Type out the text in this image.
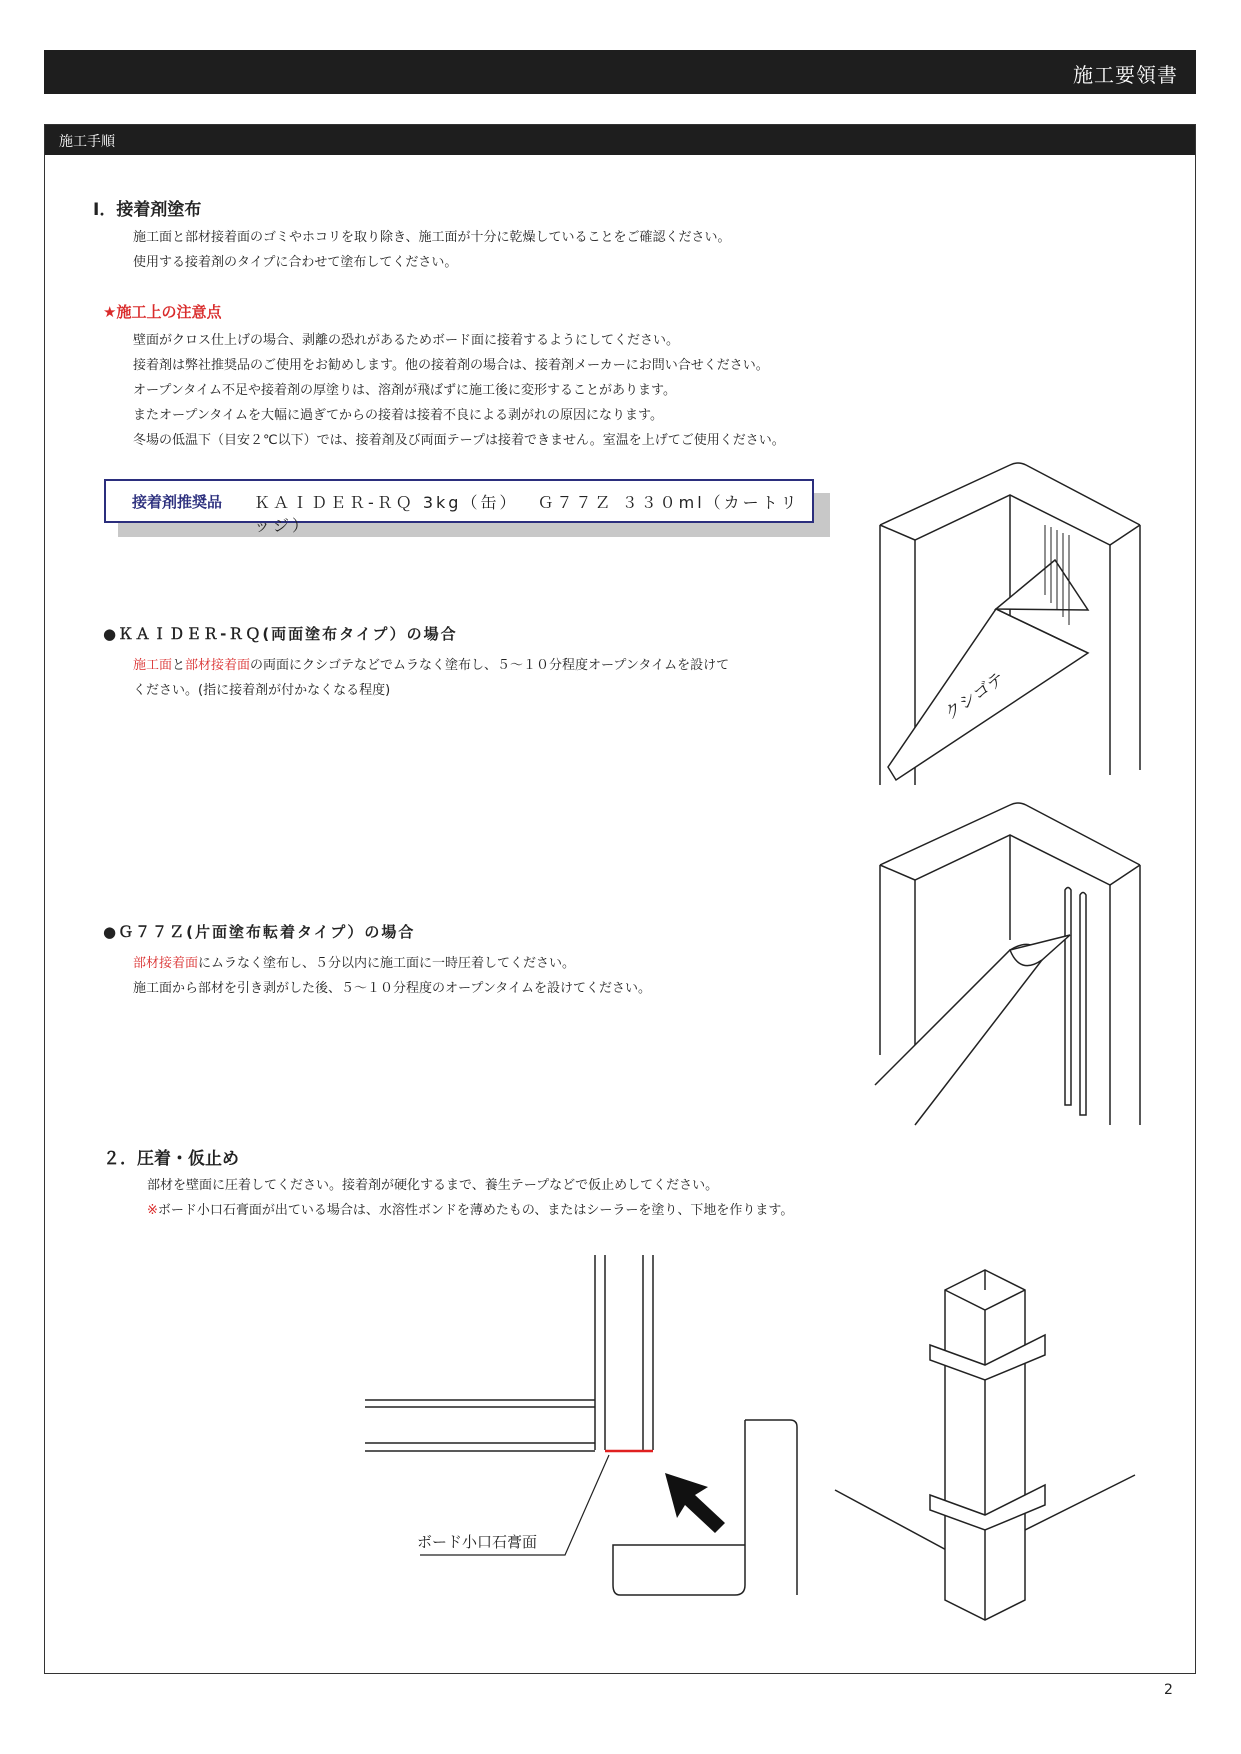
施工要領書
施工手順
I．接着剤塗布
施工面と部材接着面のゴミやホコリを取り除き、施工面が十分に乾燥していることをご確認ください。
使用する接着剤のタイプに合わせて塗布してください。
★施工上の注意点
壁面がクロス仕上げの場合、剥離の恐れがあるためボード面に接着するようにしてください。
接着剤は弊社推奨品のご使用をお勧めします。他の接着剤の場合は、接着剤メーカーにお問い合せください。
オープンタイム不足や接着剤の厚塗りは、溶剤が飛ばずに施工後に変形することがあります。
またオープンタイムを大幅に過ぎてからの接着は接着不良による剥がれの原因になります。
冬場の低温下（目安２℃以下）では、接着剤及び両面テープは接着できません。室温を上げてご使用ください。
接着剤推奨品 ＫＡＩＤＥＲ-ＲＱ 3kg（缶）　 Ｇ７７Ｚ ３３０ml（カートリッジ）
●ＫＡＩＤＥＲ-ＲＱ(両面塗布タイプ）の場合
施工面と部材接着面の両面にクシゴテなどでムラなく塗布し、５～１０分程度オープンタイムを設けて
ください。(指に接着剤が付かなくなる程度)
●Ｇ７７Ｚ(片面塗布転着タイプ）の場合
部材接着面にムラなく塗布し、５分以内に施工面に一時圧着してください。
施工面から部材を引き剥がした後、５～１０分程度のオープンタイムを設けてください。
２．圧着・仮止め
部材を壁面に圧着してください。接着剤が硬化するまで、養生テープなどで仮止めしてください。
※ボード小口石膏面が出ている場合は、水溶性ボンドを薄めたもの、またはシーラーを塗り、下地を作ります。
クシゴテ
ボード小口石膏面
2
